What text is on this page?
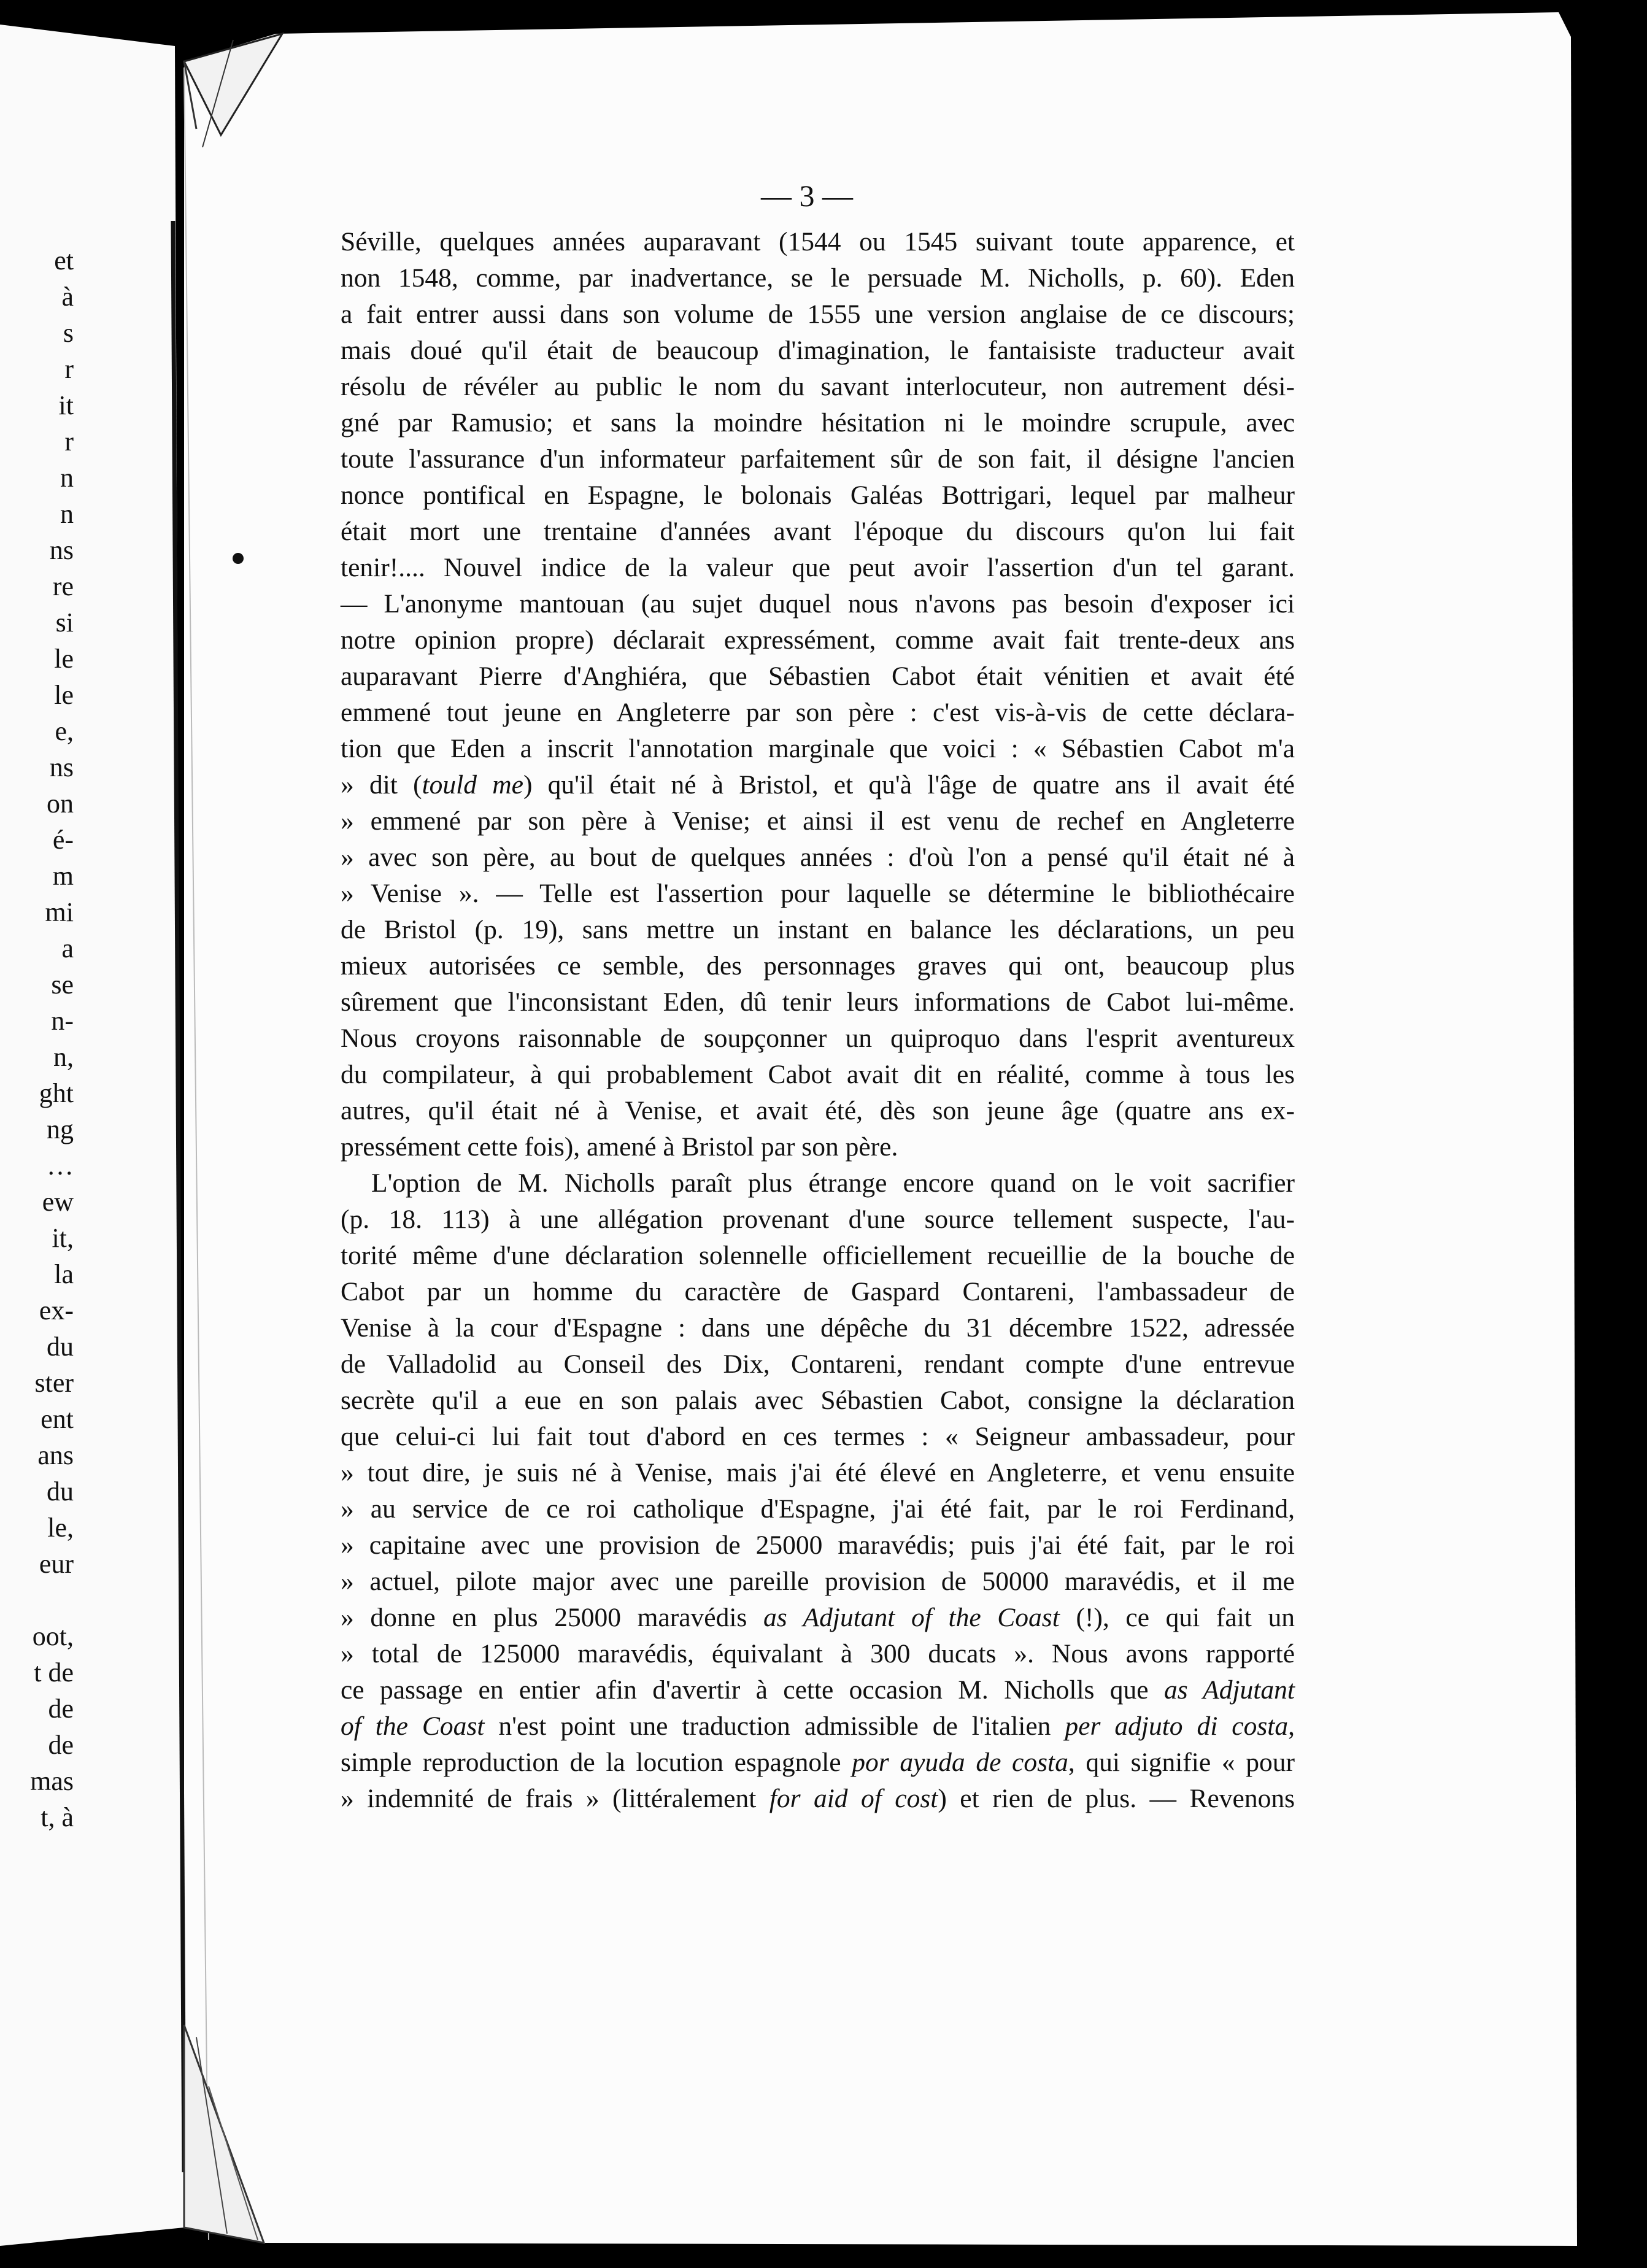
et
à
s
r
it
r
n
n
ns
re
si
le
le
e,
ns
on
é-
m
mi
a
se
n-
n,
ght
ng
…
ew
it,
la
ex-
du
ster
ent
ans
du
le,
eur

oot,
t de
de
de
mas
t, à
— 3 —
Séville, quelques années auparavant (1544 ou 1545 suivant toute apparence, et
non 1548, comme, par inadvertance, se le persuade M. Nicholls, p. 60). Eden
a fait entrer aussi dans son volume de 1555 une version anglaise de ce discours;
mais doué qu'il était de beaucoup d'imagination, le fantaisiste traducteur avait
résolu de révéler au public le nom du savant interlocuteur, non autrement dési-
gné par Ramusio; et sans la moindre hésitation ni le moindre scrupule, avec
toute l'assurance d'un informateur parfaitement sûr de son fait, il désigne l'ancien
nonce pontifical en Espagne, le bolonais Galéas Bottrigari, lequel par malheur
était mort une trentaine d'années avant l'époque du discours qu'on lui fait
tenir!.... Nouvel indice de la valeur que peut avoir l'assertion d'un tel garant.
— L'anonyme mantouan (au sujet duquel nous n'avons pas besoin d'exposer ici
notre opinion propre) déclarait expressément, comme avait fait trente-deux ans
auparavant Pierre d'Anghiéra, que Sébastien Cabot était vénitien et avait été
emmené tout jeune en Angleterre par son père : c'est vis-à-vis de cette déclara-
tion que Eden a inscrit l'annotation marginale que voici : « Sébastien Cabot m'a
» dit (tould me) qu'il était né à Bristol, et qu'à l'âge de quatre ans il avait été
» emmené par son père à Venise; et ainsi il est venu de rechef en Angleterre
» avec son père, au bout de quelques années : d'où l'on a pensé qu'il était né à
» Venise ». — Telle est l'assertion pour laquelle se détermine le bibliothécaire
de Bristol (p. 19), sans mettre un instant en balance les déclarations, un peu
mieux autorisées ce semble, des personnages graves qui ont, beaucoup plus
sûrement que l'inconsistant Eden, dû tenir leurs informations de Cabot lui-même.
Nous croyons raisonnable de soupçonner un quiproquo dans l'esprit aventureux
du compilateur, à qui probablement Cabot avait dit en réalité, comme à tous les
autres, qu'il était né à Venise, et avait été, dès son jeune âge (quatre ans ex-
pressément cette fois), amené à Bristol par son père.
L'option de M. Nicholls paraît plus étrange encore quand on le voit sacrifier
(p. 18. 113) à une allégation provenant d'une source tellement suspecte, l'au-
torité même d'une déclaration solennelle officiellement recueillie de la bouche de
Cabot par un homme du caractère de Gaspard Contareni, l'ambassadeur de
Venise à la cour d'Espagne : dans une dépêche du 31 décembre 1522, adressée
de Valladolid au Conseil des Dix, Contareni, rendant compte d'une entrevue
secrète qu'il a eue en son palais avec Sébastien Cabot, consigne la déclaration
que celui-ci lui fait tout d'abord en ces termes : « Seigneur ambassadeur, pour
» tout dire, je suis né à Venise, mais j'ai été élevé en Angleterre, et venu ensuite
» au service de ce roi catholique d'Espagne, j'ai été fait, par le roi Ferdinand,
» capitaine avec une provision de 25000 maravédis; puis j'ai été fait, par le roi
» actuel, pilote major avec une pareille provision de 50000 maravédis, et il me
» donne en plus 25000 maravédis as Adjutant of the Coast (!), ce qui fait un
» total de 125000 maravédis, équivalant à 300 ducats ». Nous avons rapporté
ce passage en entier afin d'avertir à cette occasion M. Nicholls que as Adjutant
of the Coast n'est point une traduction admissible de l'italien per adjuto di costa,
simple reproduction de la locution espagnole por ayuda de costa, qui signifie « pour
» indemnité de frais » (littéralement for aid of cost) et rien de plus. — Revenons
